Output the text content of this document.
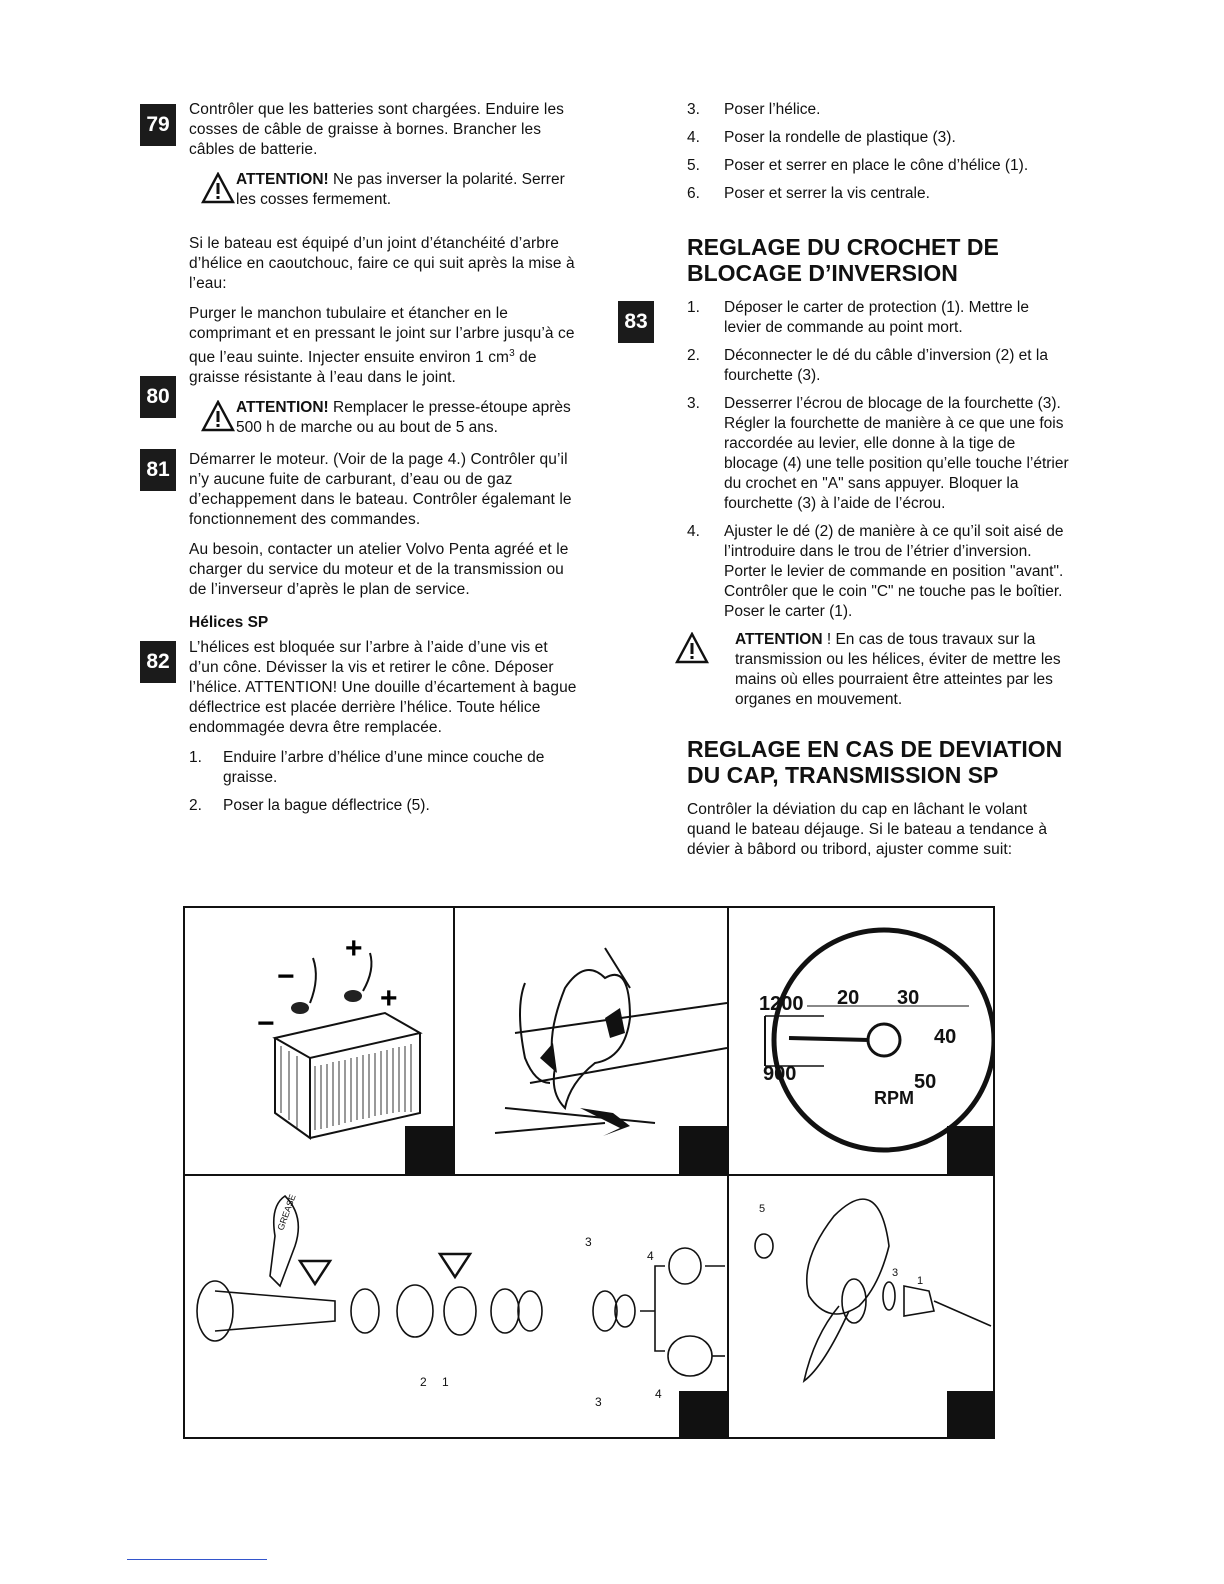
79

Contrôler que les batteries sont chargées. Enduire les cosses de câble de graisse à bornes. Brancher les câbles de batterie.

ATTENTION! Ne pas inverser la polarité. Serrer les cosses fermement.
80

Si le bateau est équipé d’un joint d’étanchéité d’arbre d’hélice en caoutchouc, faire ce qui suit après la mise à l’eau:

Purger le manchon tubulaire et étancher en le comprimant et en pressant le joint sur l’arbre jusqu’à ce que l’eau suinte. Injecter ensuite environ 1 $cm^3$ de graisse résistante à l’eau dans le joint.

ATTENTION! Remplacer le presse-étoupe après 500 h de marche ou au bout de 5 ans.
81	Démarrer le moteur. (Voir de la page 4.) Contrôler qu’il n’y aucune fuite de carburant, d’eau ou de gaz d’echappement dans le bateau. Contrôler égalemant le fonctionnement des commandes.

Au besoin, contacter un atelier Volvo Penta agréé et le charger du service du moteur et de la transmission ou de l’inverseur d’après le plan de service.

Hélices SP
82

L’hélices est bloquée sur l’arbre à l’aide d’une vis et d’un cône. Dévisser la vis et retirer le cône. Déposer l’hélice. ATTENTION! Une douille d’écartement à bague déflectrice est placée derrière l’hélice. Toute hélice endommagée devra être remplacée.

1. Enduire l’arbre d’hélice d’une mince couche de graisse.
2. Poser la bague déflectrice (5).
3. Poser l’hélice.
4. Poser la rondelle de plastique (3).
5. Poser et serrer en place le cône d’hélice (1).
6. Poser et serrer la vis centrale.
REGLAGE DU CROCHET DE
BLOCAGE D’INVERSION
83
1. Déposer le carter de protection (1). Mettre le levier de commande au point mort.
2. Déconnecter le dé du câble d’inversion (2) et la fourchette (3).
3. Desserrer l’écrou de blocage de la fourchette (3). Régler la fourchette de manière à ce que une fois raccordée au levier, elle donne à la tige de blocage (4) une telle position qu’elle touche l’étrier du crochet en "A" sans appuyer. Bloquer la fourchette (3) à l’aide de l’écrou.
4. Ajuster le dé (2) de manière à ce qu’il soit aisé de l’introduire dans le trou de l’étrier d’inversion. Porter le levier de commande en position "avant". Contrôler que le coin "C" ne touche pas le boîtier. Poser le carter (1).
ATTENTION ! En cas de tous travaux sur la transmission ou les hélices, éviter de mettre les mains où elles pourraient être atteintes par les organes en mouvement.
REGLAGE EN CAS DE DEVIATION
DU CAP, TRANSMISSION SP

Contrôler la déviation du cap en lâchant le volant quand le bateau déjauge. Si le bateau a tendance à dévier à bâbord ou tribord, ajuster comme suit:

+
+
−
−
20 30
40
50
RPM
1200
900
3
4
2 1
3
4
GREASE	5
3
1
